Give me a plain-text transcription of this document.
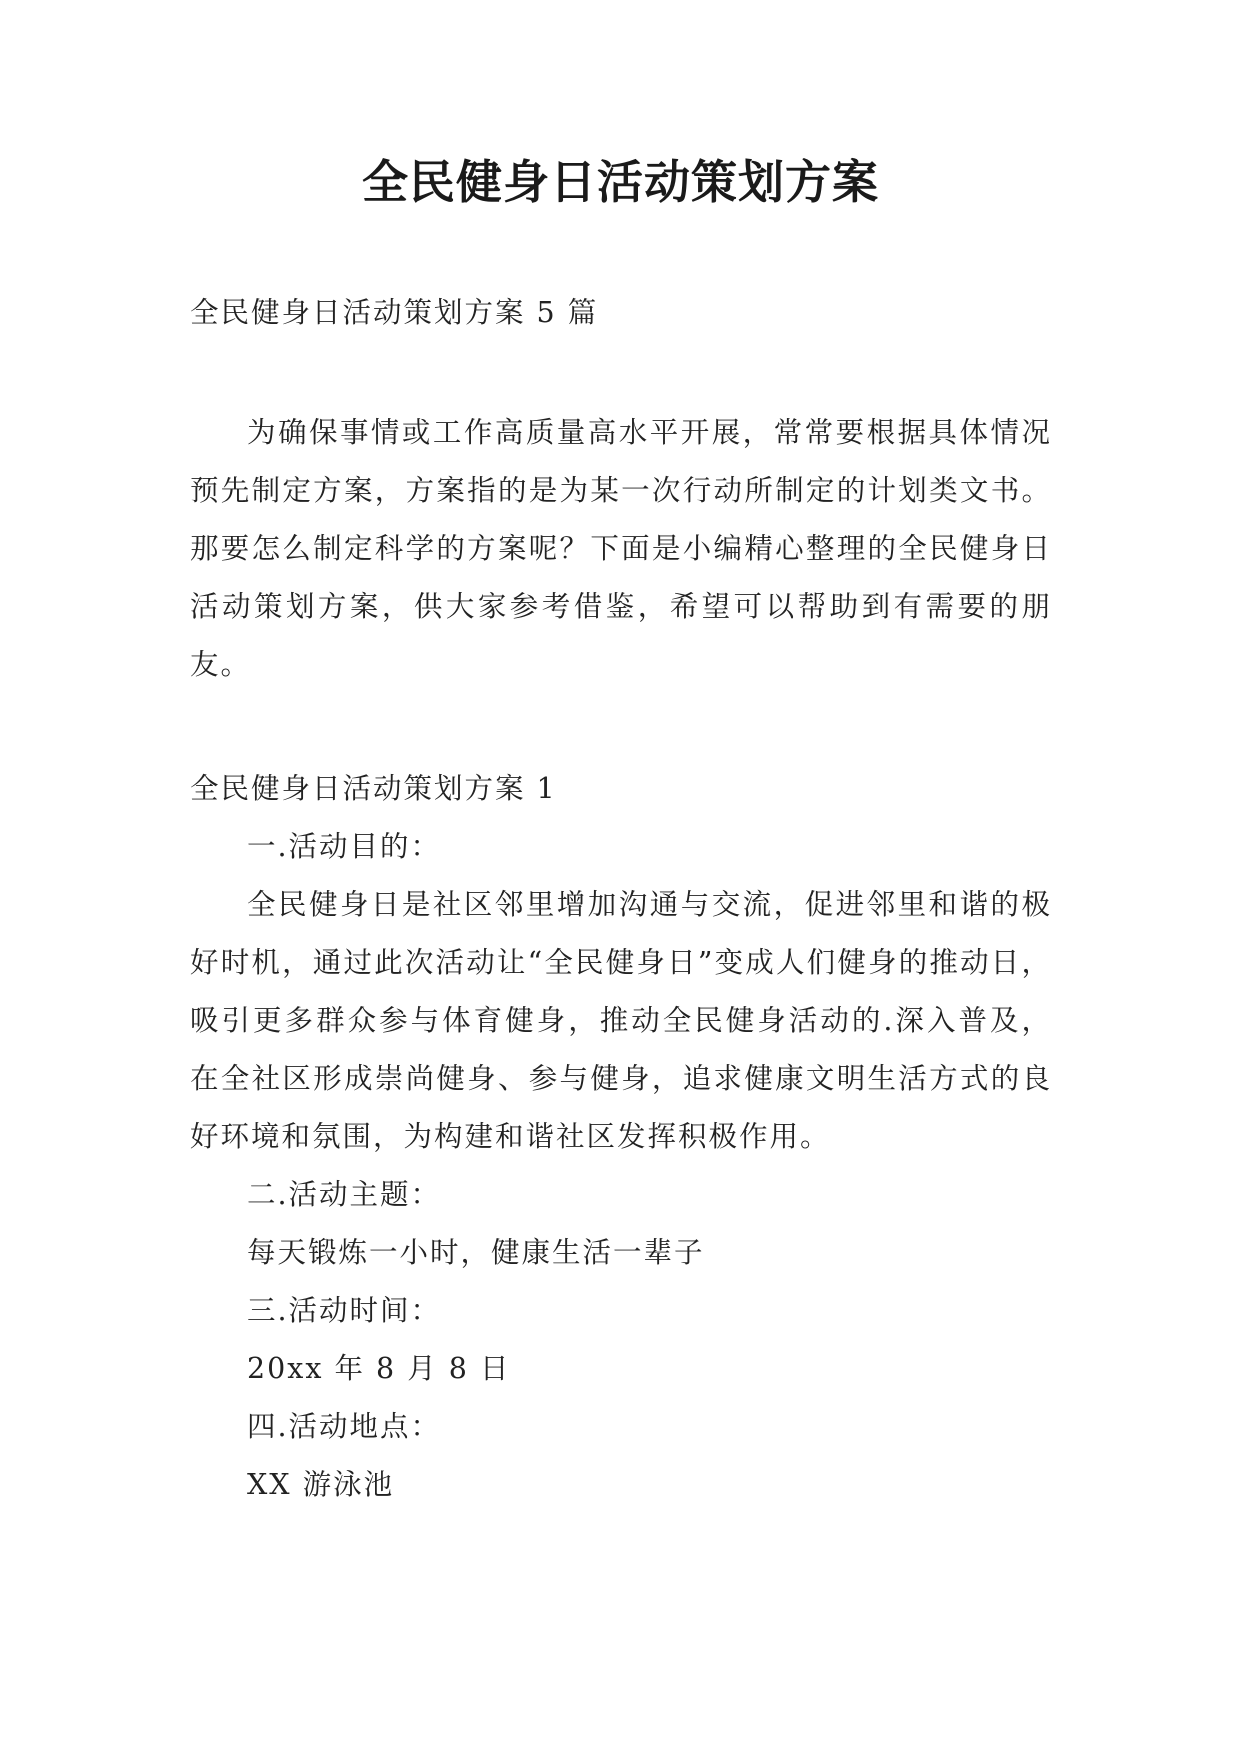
全民健身日活动策划方案
全民健身日活动策划方案 5 篇

为确保事情或工作高质量高水平开展，常常要根据具体情况预先制定方案，方案指的是为某一次行动所制定的计划类文书。那要怎么制定科学的方案呢？下面是小编精心整理的全民健身日活动策划方案，供大家参考借鉴，希望可以帮助到有需要的朋友。

全民健身日活动策划方案 1

一.活动目的：

全民健身日是社区邻里增加沟通与交流，促进邻里和谐的极好时机，通过此次活动让“全民健身日”变成人们健身的推动日，吸引更多群众参与体育健身，推动全民健身活动的.深入普及，在全社区形成崇尚健身、参与健身，追求健康文明生活方式的良好环境和氛围，为构建和谐社区发挥积极作用。

二.活动主题：

每天锻炼一小时，健康生活一辈子

三.活动时间：

20xx 年 8 月 8 日

四.活动地点：

XX 游泳池
